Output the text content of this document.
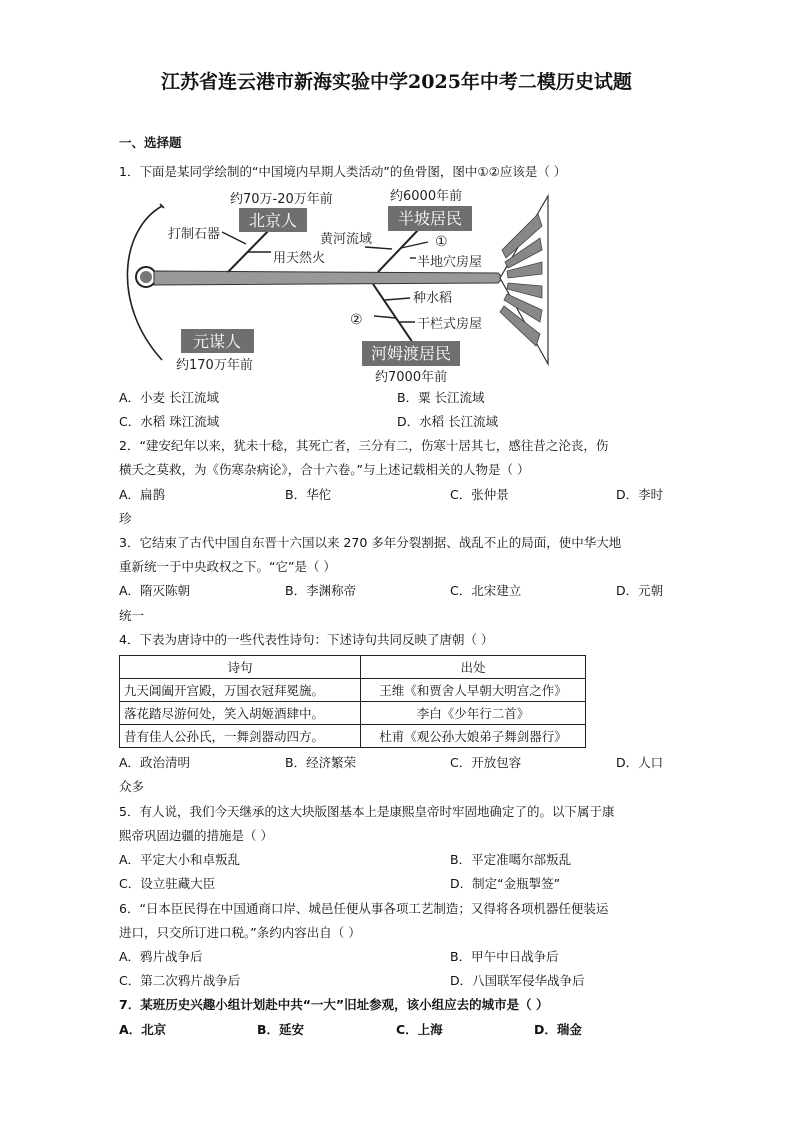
江苏省连云港市新海实验中学2025年中考二模历史试题
一、选择题
1．下面是某同学绘制的“中国境内早期人类活动”的鱼骨图，图中①②应该是（ ）
北京人
约70万-20万年前
打制石器
用天然火
半坡居民
约6000年前
黄河流域	①
半地穴房屋
元谋人
约170万年前
河姆渡居民
种水稻
②	干栏式房屋
约7000年前
A．小麦 长江流域	B．粟 长江流域
C．水稻 珠江流域	D．水稻 长江流域
2．“建安纪年以来，犹未十稔，其死亡者，三分有二，伤寒十居其七，感往昔之沦丧，伤
横夭之莫救，为《伤寒杂病论》，合十六卷。”与上述记载相关的人物是（ ）
A．扁鹊	B．华佗	C．张仲景	D．李时
珍
3．它结束了古代中国自东晋十六国以来 270 多年分裂割据、战乱不止的局面，使中华大地
重新统一于中央政权之下。“它”是（ ）
A．隋灭陈朝	B．李渊称帝	C．北宋建立	D．元朝
统一
4．下表为唐诗中的一些代表性诗句：下述诗句共同反映了唐朝（ ）
诗句	出处
九天阊阖开宫殿，万国衣冠拜冕旒。	王维《和贾舍人早朝大明宫之作》
落花踏尽游何处，笑入胡姬酒肆中。	李白《少年行二首》
昔有佳人公孙氏，一舞剑器动四方。	杜甫《观公孙大娘弟子舞剑器行》
A．政治清明	B．经济繁荣	C．开放包容	D．人口
众多
5．有人说，我们今天继承的这大块版图基本上是康熙皇帝时牢固地确定了的。以下属于康
熙帝巩固边疆的措施是（ ）
A．平定大小和卓叛乱	B．平定准噶尔部叛乱
C．设立驻藏大臣	D．制定“金瓶掣签”
6．“日本臣民得在中国通商口岸、城邑任便从事各项工艺制造；又得将各项机器任便装运
进口，只交所订进口税。”条约内容出自（ ）
A．鸦片战争后	B．甲午中日战争后
C．第二次鸦片战争后	D．八国联军侵华战争后
7．某班历史兴趣小组计划赴中共“一大”旧址参观，该小组应去的城市是（ ）
A．北京	B．延安	C．上海	D．瑞金
